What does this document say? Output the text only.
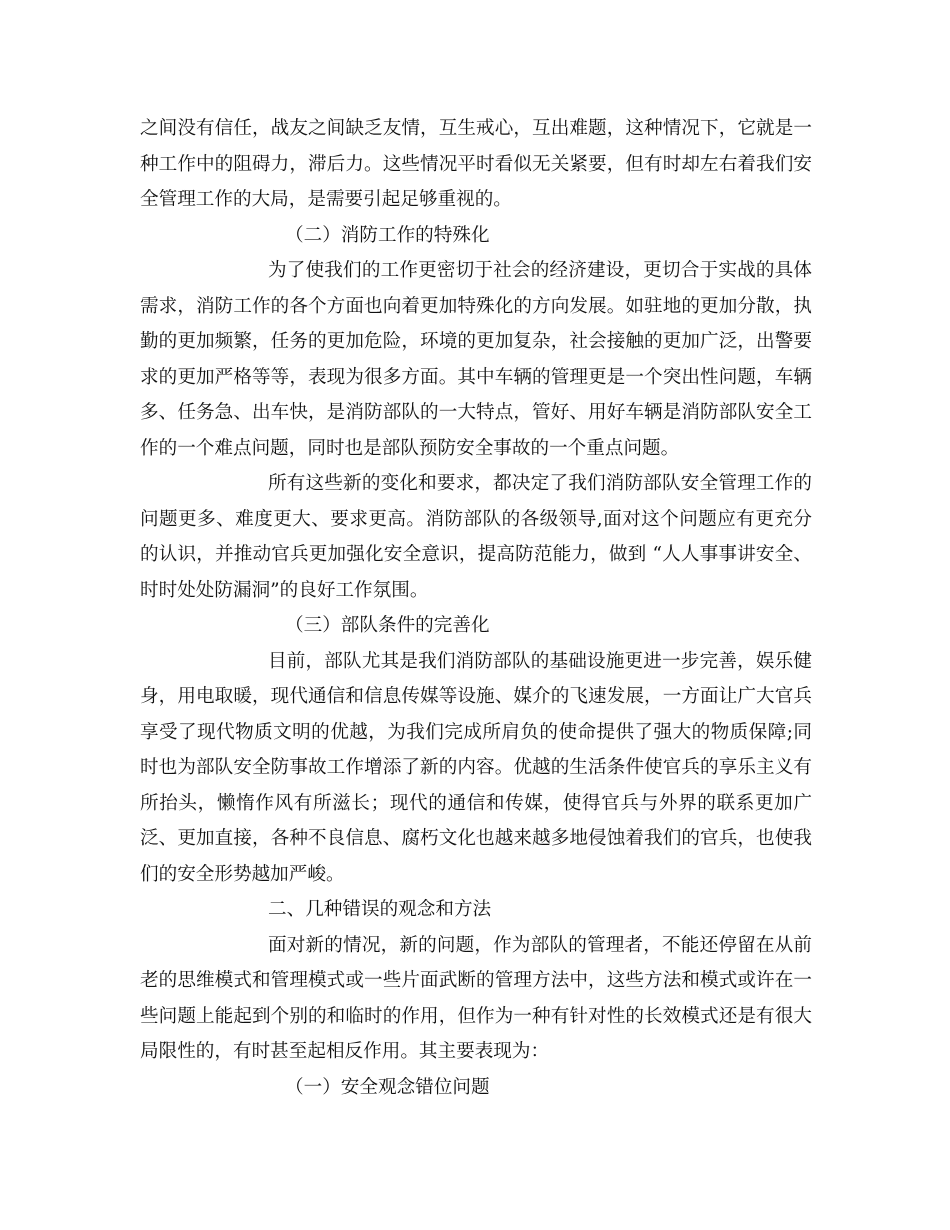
之间没有信任，战友之间缺乏友情，互生戒心，互出难题，这种情况下，它就是一种工作中的阻碍力，滞后力。这些情况平时看似无关紧要，但有时却左右着我们安全管理工作的大局，是需要引起足够重视的。

（二）消防工作的特殊化

为了使我们的工作更密切于社会的经济建设，更切合于实战的具体需求，消防工作的各个方面也向着更加特殊化的方向发展。如驻地的更加分散，执勤的更加频繁，任务的更加危险，环境的更加复杂，社会接触的更加广泛，出警要求的更加严格等等，表现为很多方面。其中车辆的管理更是一个突出性问题，车辆多、任务急、出车快，是消防部队的一大特点，管好、用好车辆是消防部队安全工作的一个难点问题，同时也是部队预防安全事故的一个重点问题。

所有这些新的变化和要求，都决定了我们消防部队安全管理工作的问题更多、难度更大、要求更高。消防部队的各级领导,面对这个问题应有更充分的认识，并推动官兵更加强化安全意识，提高防范能力，做到 “人人事事讲安全、时时处处防漏洞”的良好工作氛围。

（三）部队条件的完善化

目前，部队尤其是我们消防部队的基础设施更进一步完善，娱乐健身，用电取暖，现代通信和信息传媒等设施、媒介的飞速发展，一方面让广大官兵享受了现代物质文明的优越，为我们完成所肩负的使命提供了强大的物质保障;同时也为部队安全防事故工作增添了新的内容。优越的生活条件使官兵的享乐主义有所抬头，懒惰作风有所滋长；现代的通信和传媒，使得官兵与外界的联系更加广泛、更加直接，各种不良信息、腐朽文化也越来越多地侵蚀着我们的官兵，也使我们的安全形势越加严峻。

二、几种错误的观念和方法

面对新的情况，新的问题，作为部队的管理者，不能还停留在从前老的思维模式和管理模式或一些片面武断的管理方法中，这些方法和模式或许在一些问题上能起到个别的和临时的作用，但作为一种有针对性的长效模式还是有很大局限性的，有时甚至起相反作用。其主要表现为：

（一）安全观念错位问题
